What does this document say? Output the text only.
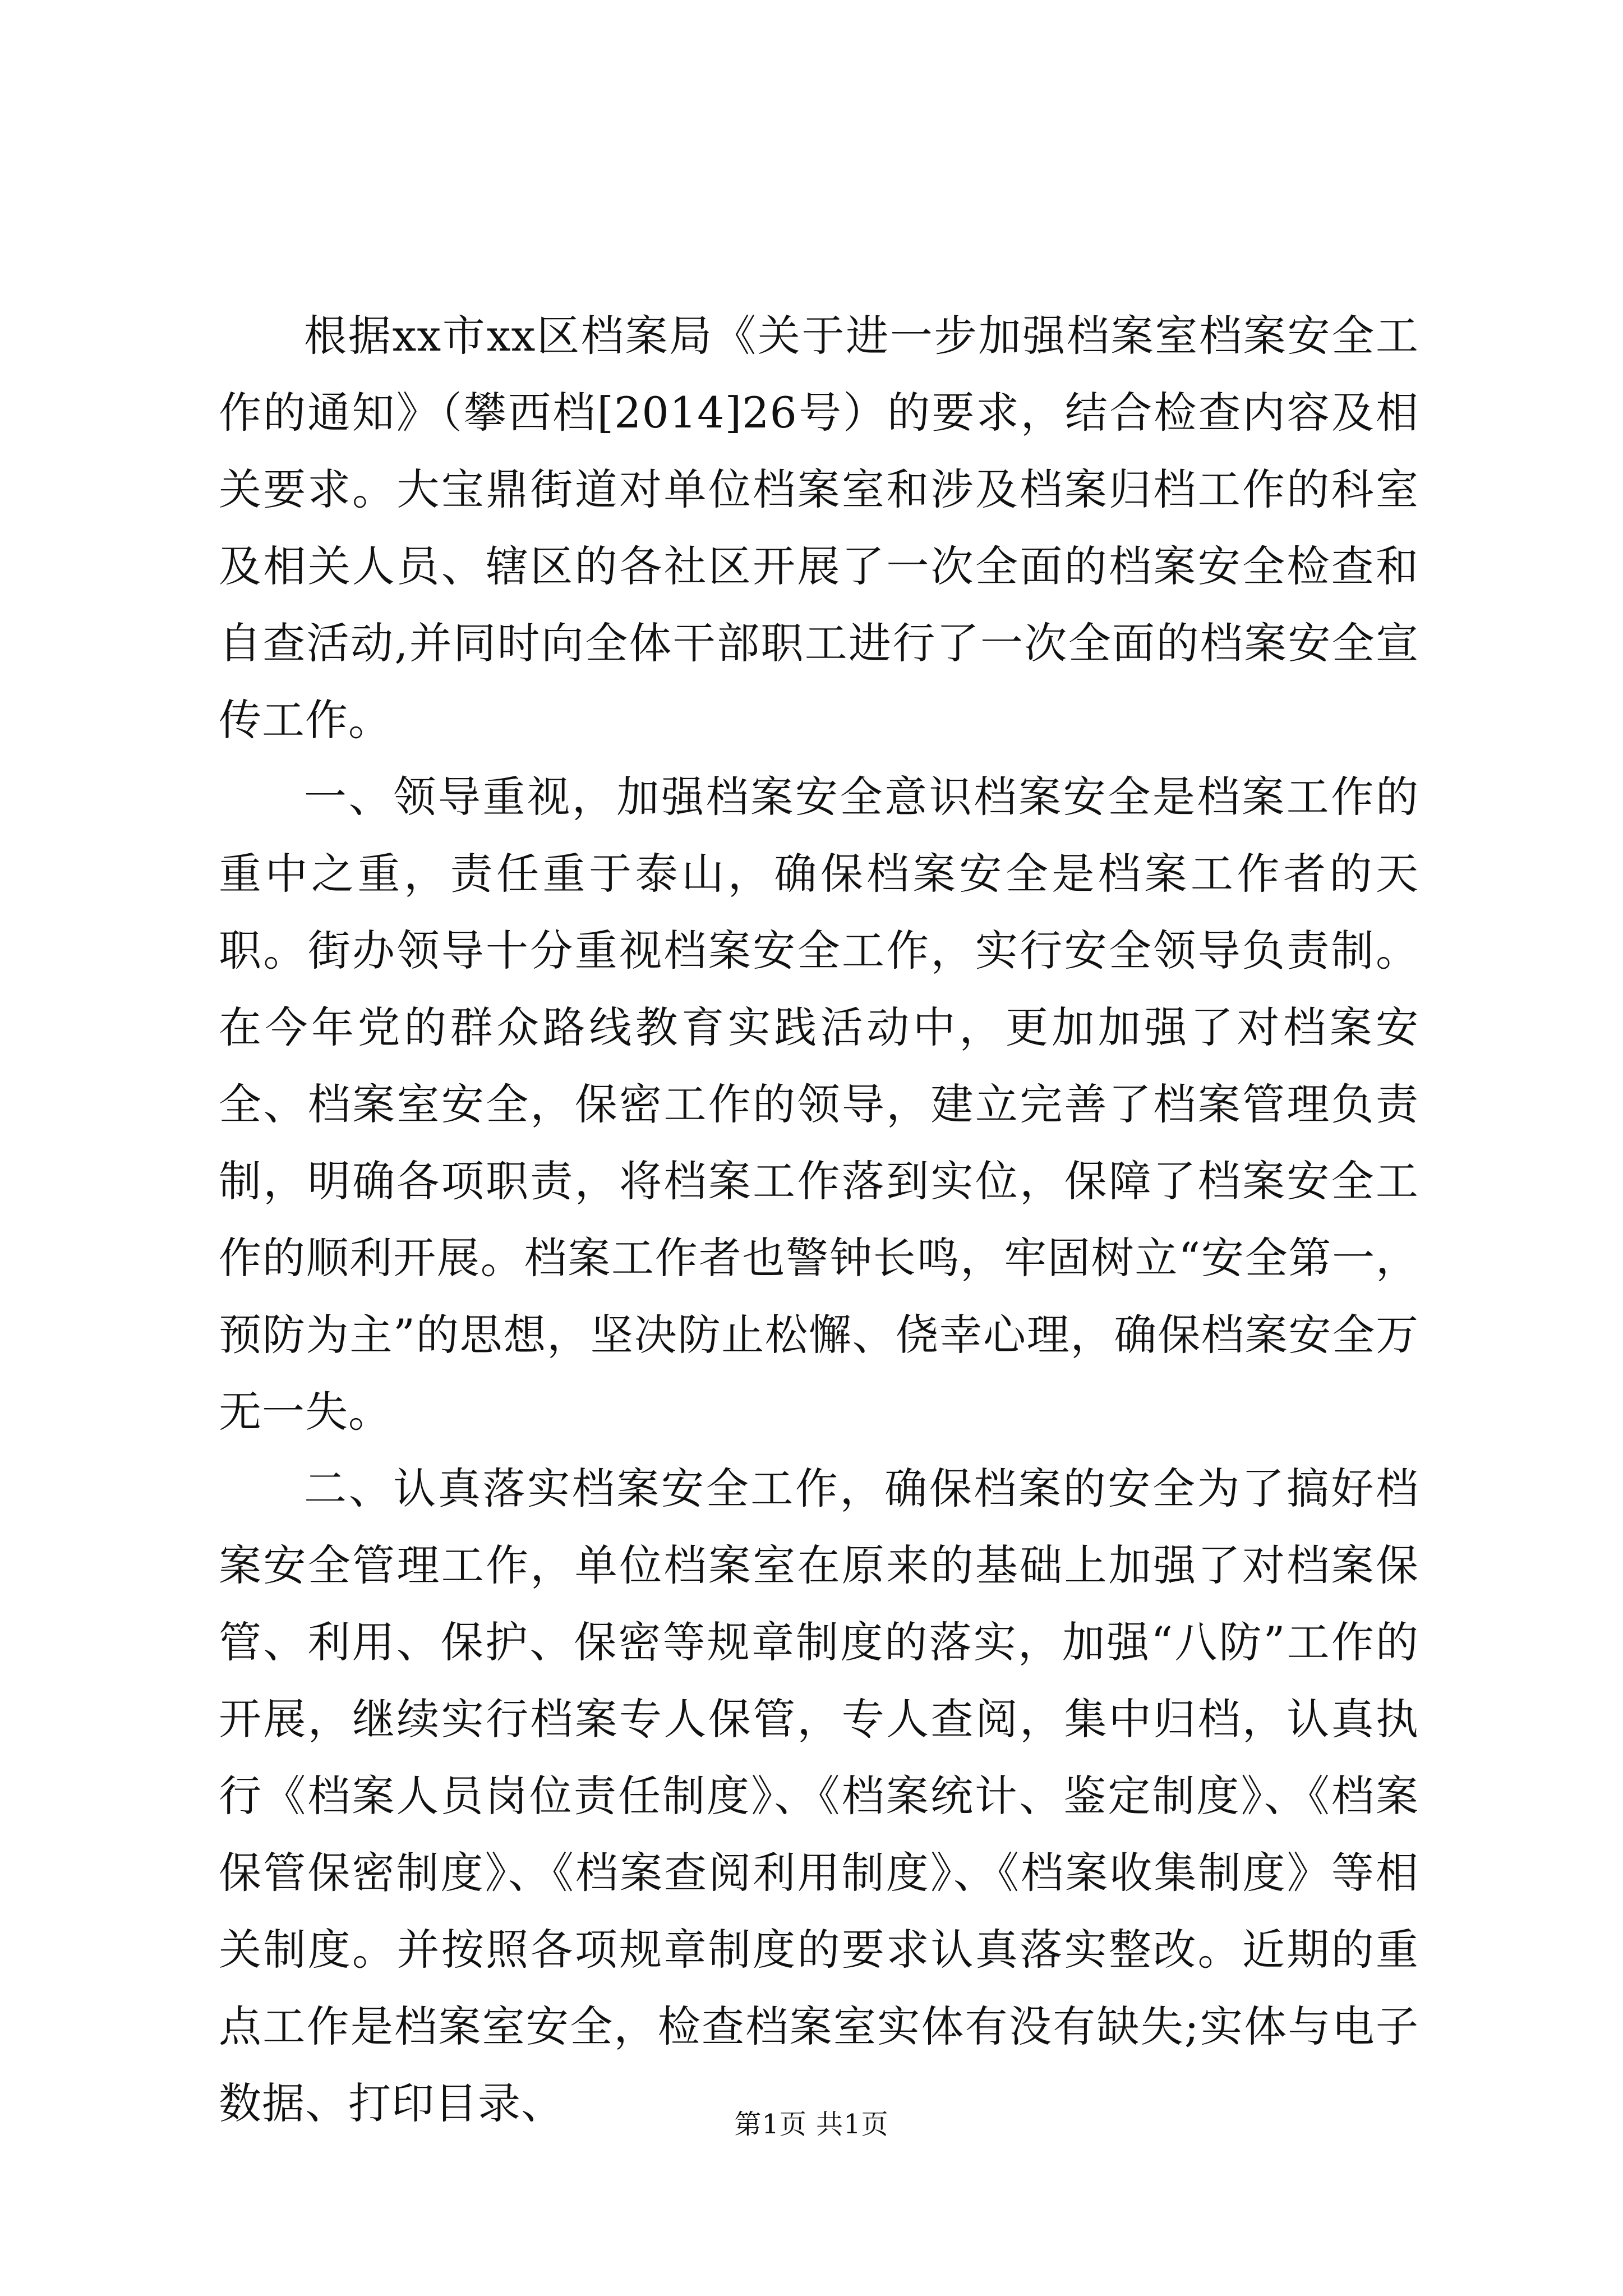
根据xx市xx区档案局《关于进一步加强档案室档案安全工作的通知》（攀西档[2014]26号）的要求，结合检查内容及相关要求。大宝鼎街道对单位档案室和涉及档案归档工作的科室及相关人员、辖区的各社区开展了一次全面的档案安全检查和自查活动,并同时向全体干部职工进行了一次全面的档案安全宣传工作。

一、领导重视，加强档案安全意识档案安全是档案工作的重中之重，责任重于泰山，确保档案安全是档案工作者的天职。街办领导十分重视档案安全工作，实行安全领导负责制。在今年党的群众路线教育实践活动中，更加加强了对档案安全、档案室安全，保密工作的领导，建立完善了档案管理负责制，明确各项职责，将档案工作落到实位，保障了档案安全工作的顺利开展。档案工作者也警钟长鸣，牢固树立“安全第一，预防为主”的思想，坚决防止松懈、侥幸心理，确保档案安全万无一失。

二、认真落实档案安全工作，确保档案的安全为了搞好档案安全管理工作，单位档案室在原来的基础上加强了对档案保管、利用、保护、保密等规章制度的落实，加强“八防”工作的开展，继续实行档案专人保管，专人查阅，集中归档，认真执行《档案人员岗位责任制度》、《档案统计、鉴定制度》、《档案保管保密制度》、《档案查阅利用制度》、《档案收集制度》等相关制度。并按照各项规章制度的要求认真落实整改。近期的重点工作是档案室安全，检查档案室实体有没有缺失;实体与电子数据、打印目录、	第1页 共1页
